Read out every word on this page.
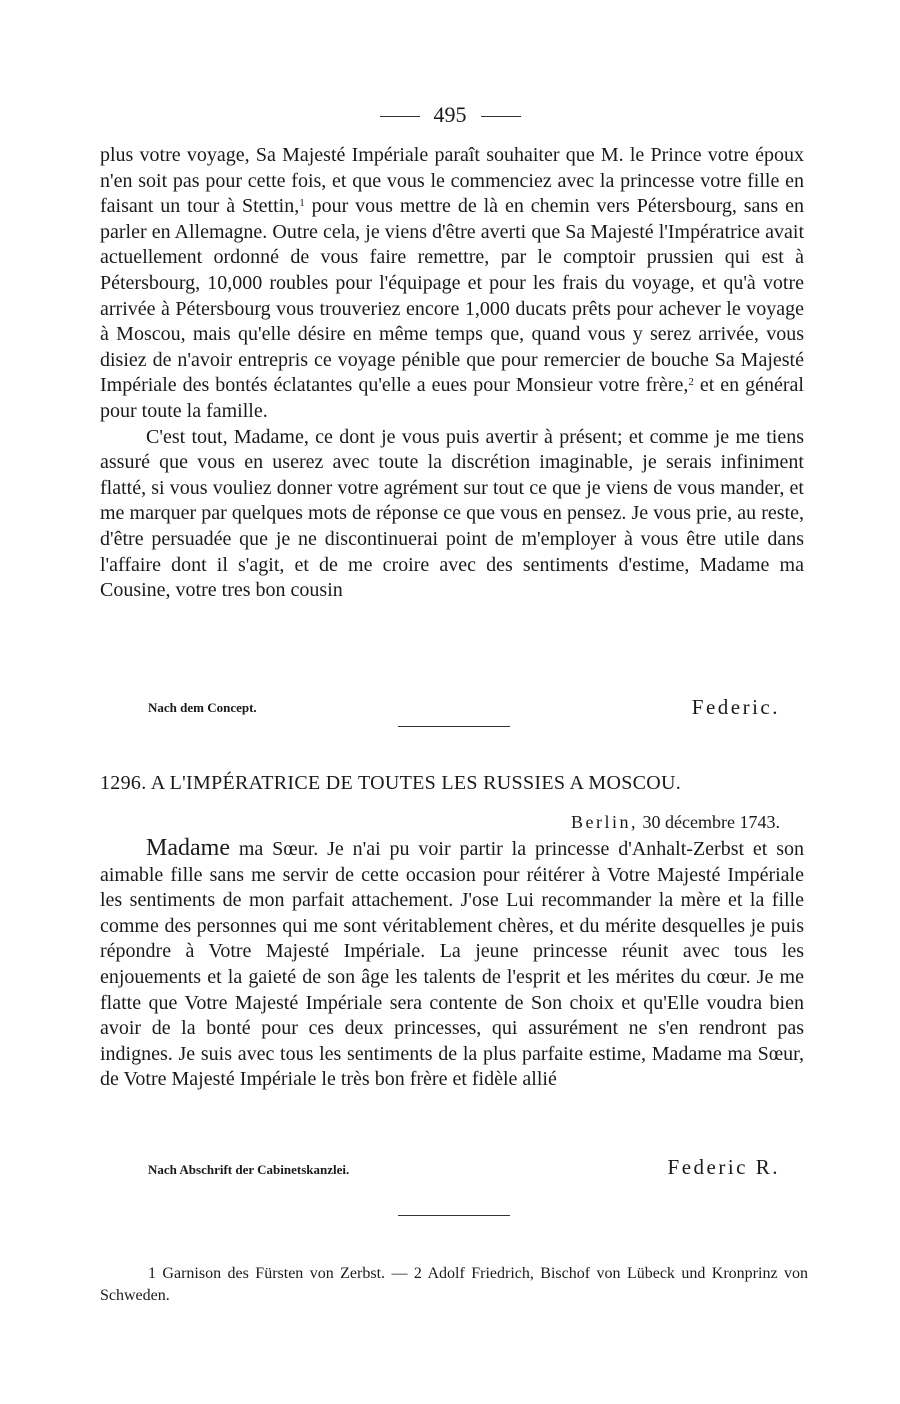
495

plus votre voyage, Sa Majesté Impériale paraît souhaiter que M. le Prince votre époux n'en soit pas pour cette fois, et que vous le commenciez avec la princesse votre fille en faisant un tour à Stettin,$^1$ pour vous mettre de là en chemin vers Pétersbourg, sans en parler en Allemagne. Outre cela, je viens d'être averti que Sa Majesté l'Impératrice avait actuellement ordonné de vous faire remettre, par le comptoir prussien qui est à Pétersbourg, 10,000 roubles pour l'équipage et pour les frais du voyage, et qu'à votre arrivée à Pétersbourg vous trouveriez encore 1,000 ducats prêts pour achever le voyage à Moscou, mais qu'elle désire en même temps que, quand vous y serez arrivée, vous disiez de n'avoir entrepris ce voyage pénible que pour remercier de bouche Sa Majesté Impériale des bontés éclatantes qu'elle a eues pour Monsieur votre frère,$^2$ et en général pour toute la famille.

C'est tout, Madame, ce dont je vous puis avertir à présent; et comme je me tiens assuré que vous en userez avec toute la discrétion imaginable, je serais infiniment flatté, si vous vouliez donner votre agrément sur tout ce que je viens de vous mander, et me marquer par quelques mots de réponse ce que vous en pensez. Je vous prie, au reste, d'être persuadée que je ne discontinuerai point de m'employer à vous être utile dans l'affaire dont il s'agit, et de me croire avec des sentiments d'estime, Madame ma Cousine, votre tres bon cousin

Nach dem Concept.	Federic.
1296. A L'IMPÉRATRICE DE TOUTES LES RUSSIES A MOSCOU.
Berlin, 30 décembre 1743.

Madame ma Sœur. Je n'ai pu voir partir la princesse d'Anhalt-Zerbst et son aimable fille sans me servir de cette occasion pour réitérer à Votre Majesté Impériale les sentiments de mon parfait attachement. J'ose Lui recommander la mère et la fille comme des personnes qui me sont véritablement chères, et du mérite desquelles je puis répondre à Votre Majesté Impériale. La jeune princesse réunit avec tous les enjouements et la gaieté de son âge les talents de l'esprit et les mérites du cœur. Je me flatte que Votre Majesté Impériale sera contente de Son choix et qu'Elle voudra bien avoir de la bonté pour ces deux princesses, qui assurément ne s'en rendront pas indignes. Je suis avec tous les sentiments de la plus parfaite estime, Madame ma Sœur, de Votre Majesté Impériale le très bon frère et fidèle allié

Nach Abschrift der Cabinetskanzlei.	Federic R.

1 Garnison des Fürsten von Zerbst. — 2 Adolf Friedrich, Bischof von Lübeck und Kronprinz von Schweden.
